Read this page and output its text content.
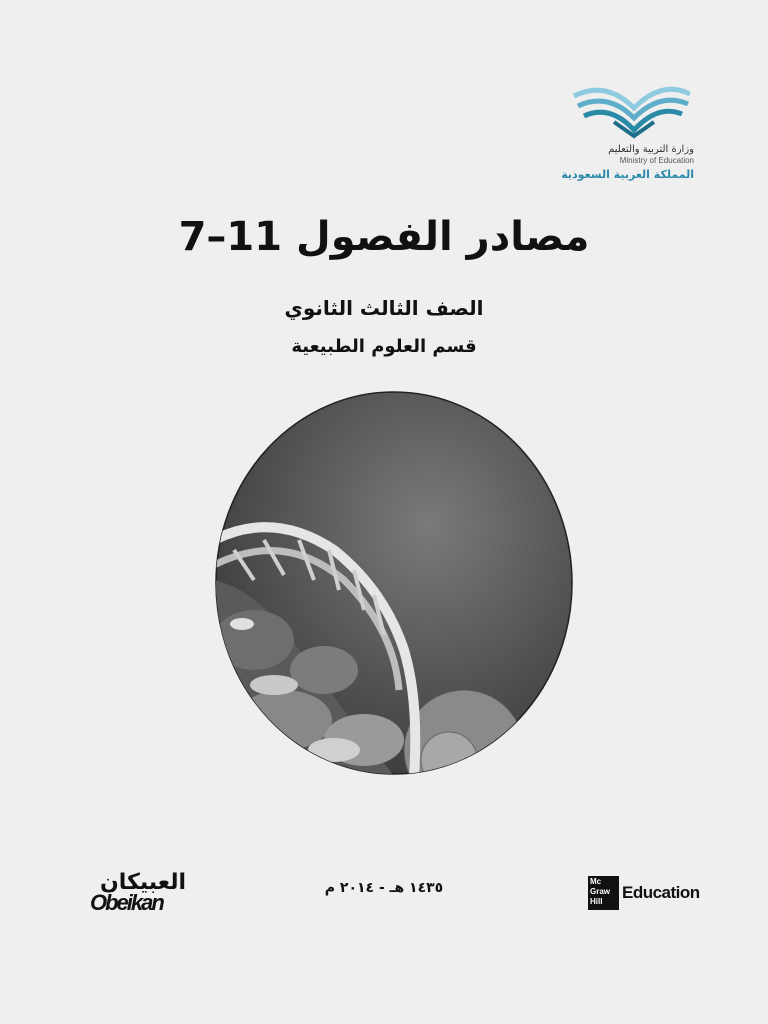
وزارة التربية والتعليم
Ministry of Education
المملكة العربية السعودية
مصادر الفصول 11–7
الصف الثالث الثانوي
قسم العلوم الطبيعية
العبيكان
Obeikan
١٤٣٥ هـ - ٢٠١٤ م	Mc
Graw
Hill	Education
